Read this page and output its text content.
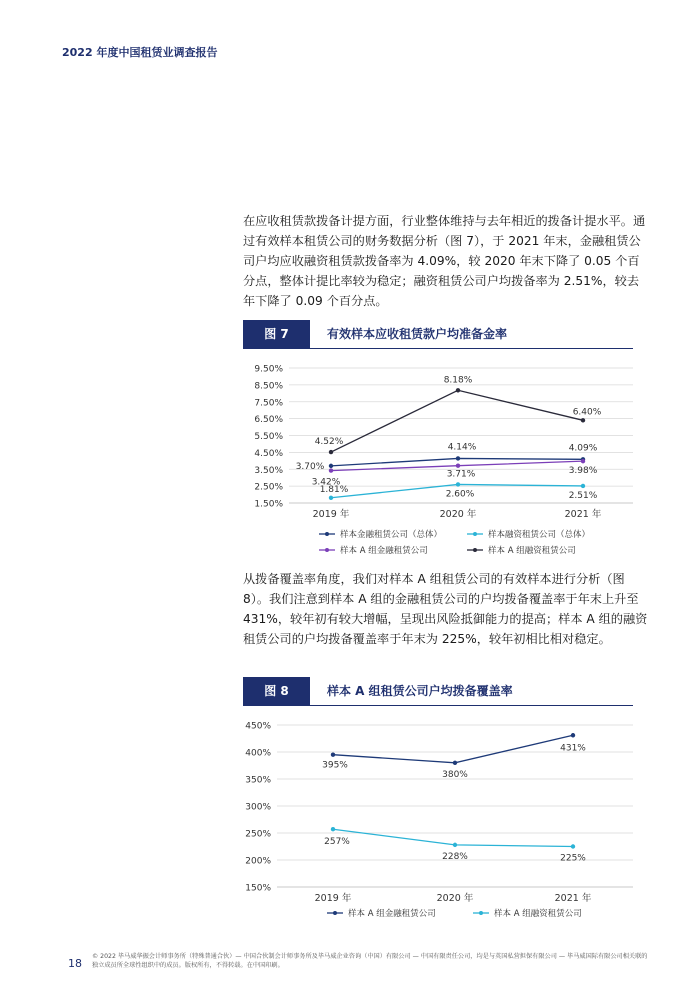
2022 年度中国租赁业调查报告
在应收租赁款拨备计提方面，行业整体维持与去年相近的拨备计提水平。通过有效样本租赁公司的财务数据分析（图 7），于 2021 年末，金融租赁公司户均应收融资租赁款拨备率为 4.09%，较 2020 年末下降了 0.05 个百分点，整体计提比率较为稳定；融资租赁公司户均拨备率为 2.51%，较去年下降了 0.09 个百分点。
图 7	有效样本应收租赁款户均准备金率
1.50%
2.50%
3.50%
4.50%
5.50%
6.50%
7.50%
8.50%
9.50%
2019 年	2020 年	2021 年
3.70%
4.14%	4.09%
1.81%	2.60%	2.51%
3.42%
3.71%	3.98%
4.52%
8.18%
6.40%
样本金融租赁公司（总体）	样本融资租赁公司（总体）
样本 A 组金融租赁公司	样本 A 组融资租赁公司
从拨备覆盖率角度，我们对样本 A 组租赁公司的有效样本进行分析（图 8）。我们注意到样本 A 组的金融租赁公司的户均拨备覆盖率于年末上升至 431%，较年初有较大增幅，呈现出风险抵御能力的提高；样本 A 组的融资租赁公司的户均拨备覆盖率于年末为 225%，较年初相比相对稳定。
图 8	样本 A 组租赁公司户均拨备覆盖率
150%
200%
250%
300%
350%
400%
450%
2019 年	2020 年	2021 年
395%
380%
431%
257%
228%	225%
样本 A 组金融租赁公司	样本 A 组融资租赁公司
18
© 2022 毕马威华振会计师事务所（特殊普通合伙）— 中国合伙制会计师事务所及毕马威企业咨询（中国）有限公司 — 中国有限责任公司，均是与英国私营担保有限公司 — 毕马威国际有限公司相关联的独立成员所全球性组织中的成员。版权所有，不得转载。在中国印刷。
